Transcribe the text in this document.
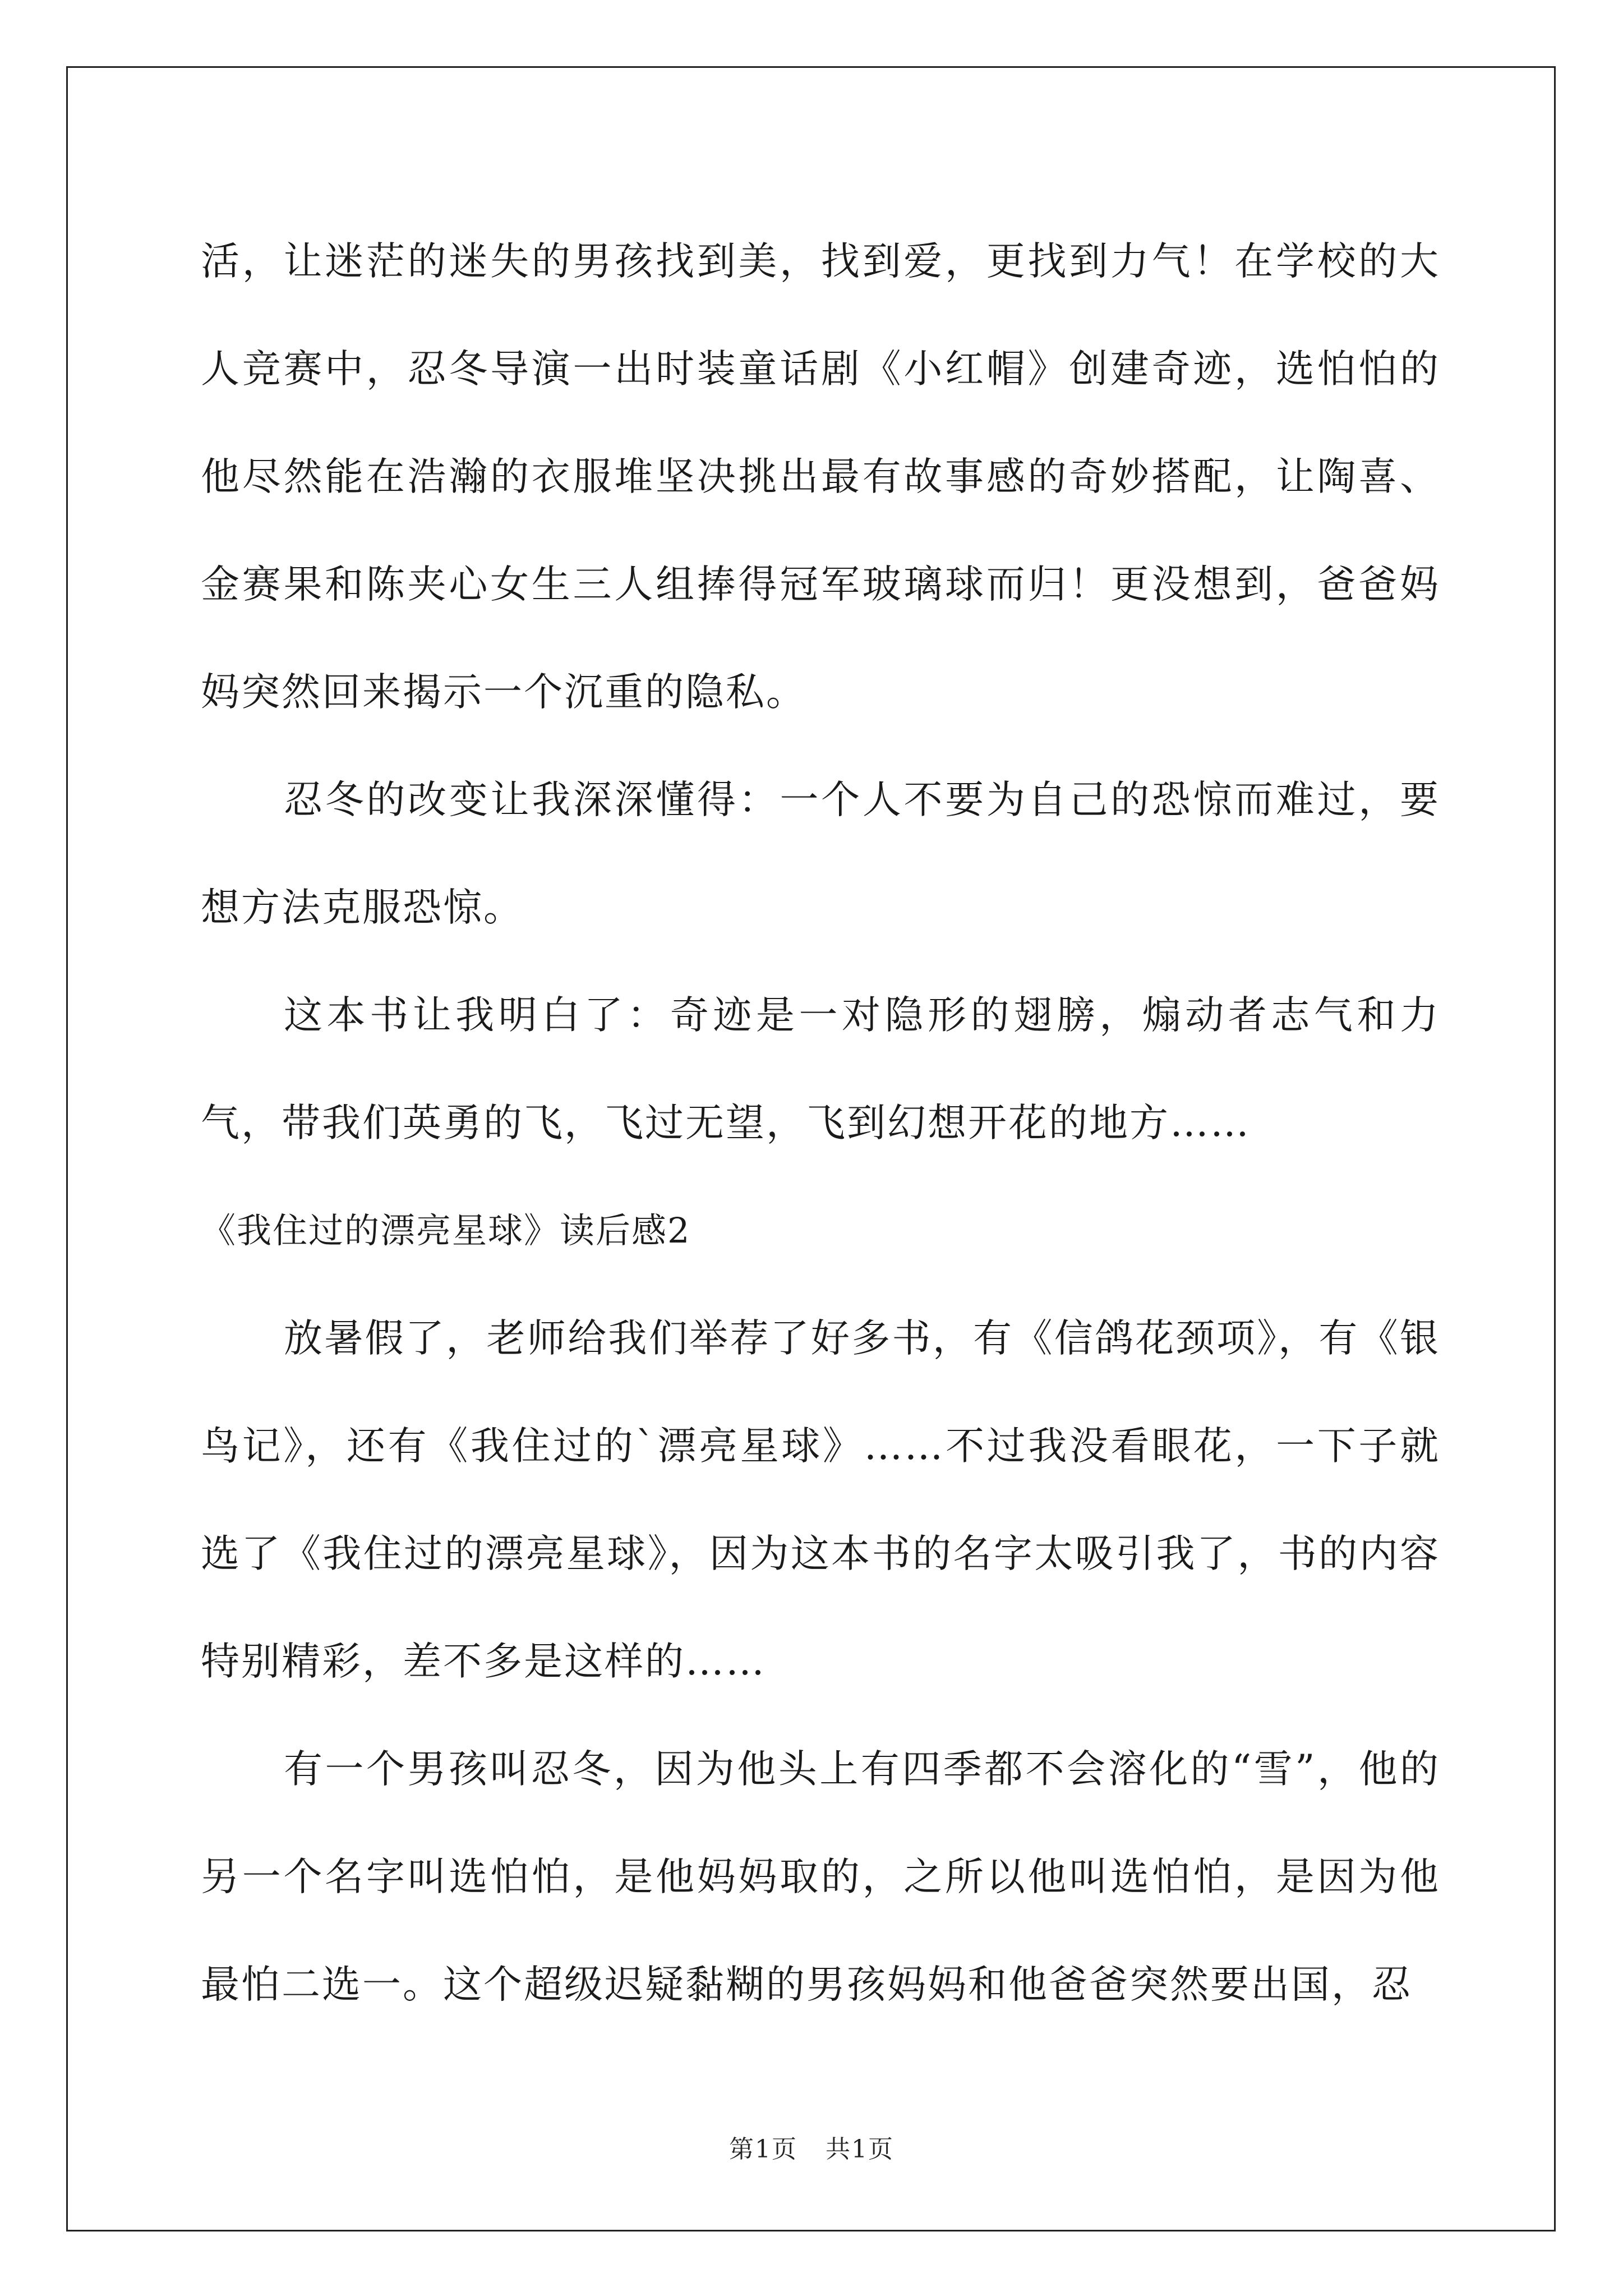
活，让迷茫的迷失的男孩找到美，找到爱，更找到力气！在学校的大人竞赛中，忍冬导演一出时装童话剧《小红帽》创建奇迹，选怕怕的他尽然能在浩瀚的衣服堆坚决挑出最有故事感的奇妙搭配，让陶喜、金赛果和陈夹心女生三人组捧得冠军玻璃球而归！更没想到，爸爸妈妈突然回来揭示一个沉重的隐私。

忍冬的改变让我深深懂得：一个人不要为自己的恐惊而难过，要想方法克服恐惊。

这本书让我明白了：奇迹是一对隐形的翅膀，煽动者志气和力气，带我们英勇的飞，飞过无望，飞到幻想开花的地方……

《我住过的漂亮星球》读后感2

放暑假了，老师给我们举荐了好多书，有《信鸽花颈项》，有《银鸟记》，还有《我住过的`漂亮星球》……不过我没看眼花，一下子就选了《我住过的漂亮星球》，因为这本书的名字太吸引我了，书的内容特别精彩，差不多是这样的……

有一个男孩叫忍冬，因为他头上有四季都不会溶化的“雪”，他的另一个名字叫选怕怕，是他妈妈取的，之所以他叫选怕怕，是因为他最怕二选一。这个超级迟疑黏糊的男孩妈妈和他爸爸突然要出国，忍

第1页 共1页
